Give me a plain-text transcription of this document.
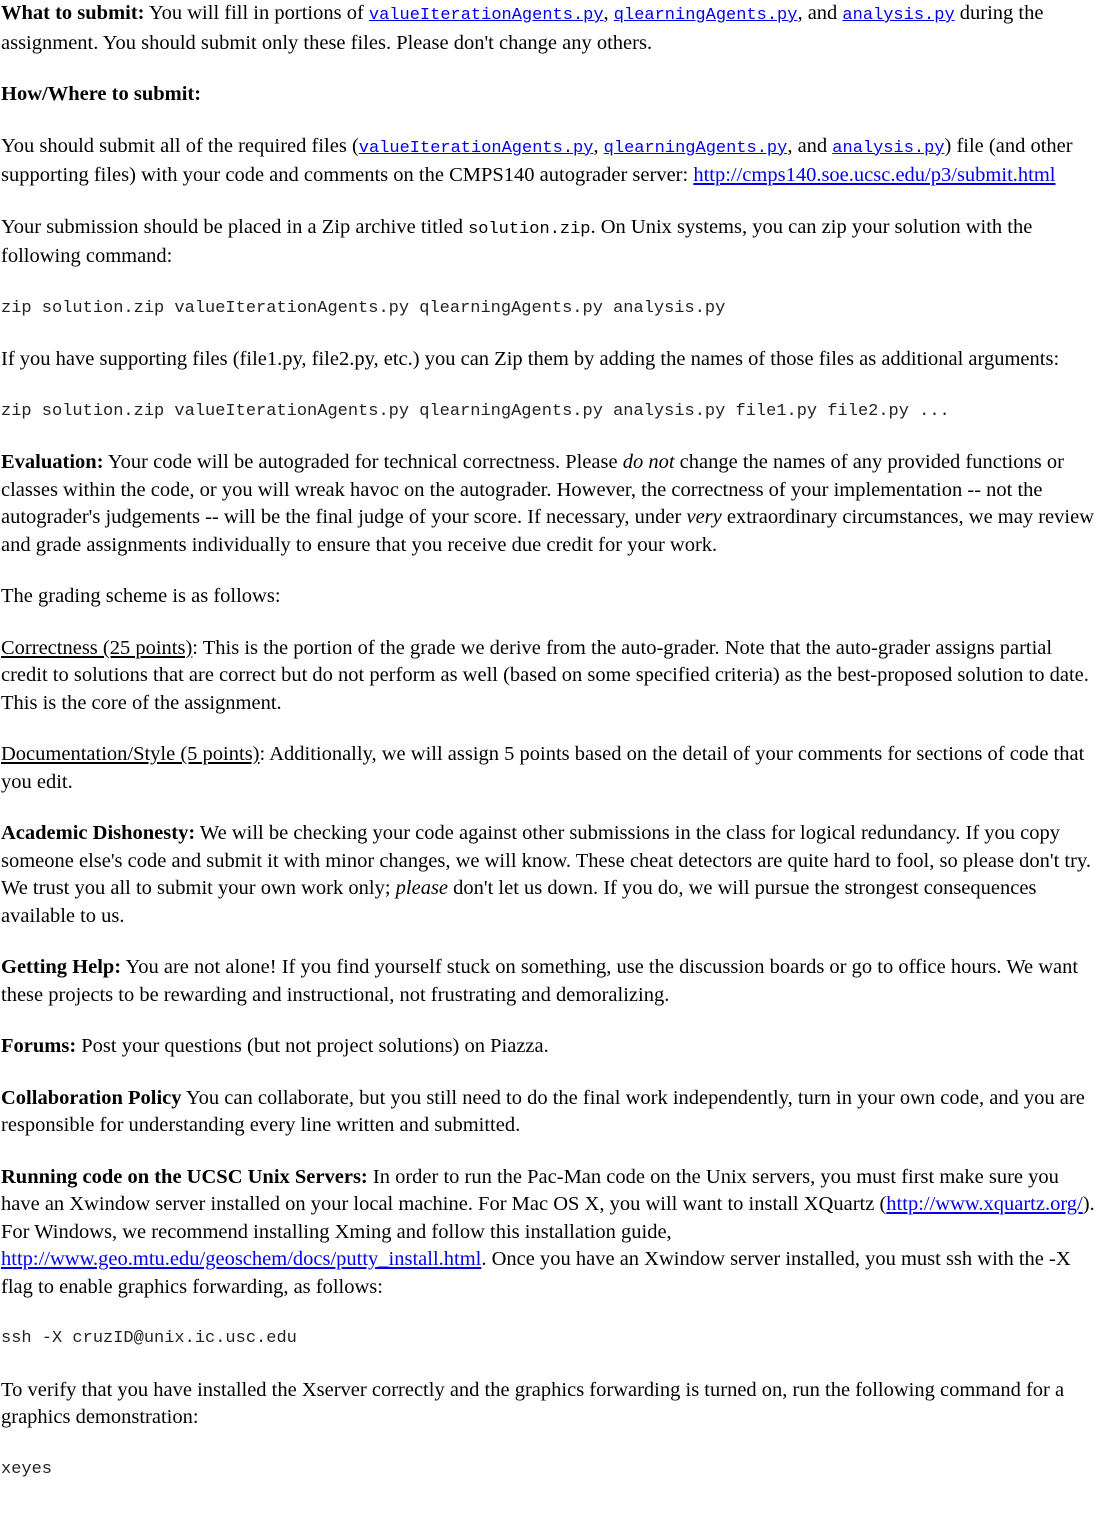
What to submit: You will fill in portions of valueIterationAgents.py, qlearningAgents.py, and analysis.py during the assignment. You should submit only these files. Please don't change any others.

How/Where to submit:

You should submit all of the required files (valueIterationAgents.py, qlearningAgents.py, and analysis.py) file (and other supporting files) with your code and comments on the CMPS140 autograder server: http://cmps140.soe.ucsc.edu/p3/submit.html

Your submission should be placed in a Zip archive titled solution.zip. On Unix systems, you can zip your solution with the following command:

zip solution.zip valueIterationAgents.py qlearningAgents.py analysis.py

If you have supporting files (file1.py, file2.py, etc.) you can Zip them by adding the names of those files as additional arguments:

zip solution.zip valueIterationAgents.py qlearningAgents.py analysis.py file1.py file2.py ...

Evaluation: Your code will be autograded for technical correctness. Please do not change the names of any provided functions or classes within the code, or you will wreak havoc on the autograder. However, the correctness of your implementation -- not the autograder's judgements -- will be the final judge of your score. If necessary, under very extraordinary circumstances, we may review and grade assignments individually to ensure that you receive due credit for your work.

The grading scheme is as follows:

Correctness (25 points): This is the portion of the grade we derive from the auto-grader. Note that the auto-grader assigns partial credit to solutions that are correct but do not perform as well (based on some specified criteria) as the best-proposed solution to date. This is the core of the assignment.

Documentation/Style (5 points): Additionally, we will assign 5 points based on the detail of your comments for sections of code that you edit.

Academic Dishonesty: We will be checking your code against other submissions in the class for logical redundancy. If you copy someone else's code and submit it with minor changes, we will know. These cheat detectors are quite hard to fool, so please don't try. We trust you all to submit your own work only; please don't let us down. If you do, we will pursue the strongest consequences available to us.

Getting Help: You are not alone! If you find yourself stuck on something, use the discussion boards or go to office hours. We want these projects to be rewarding and instructional, not frustrating and demoralizing.

Forums: Post your questions (but not project solutions) on Piazza.

Collaboration Policy You can collaborate, but you still need to do the final work independently, turn in your own code, and you are responsible for understanding every line written and submitted.

Running code on the UCSC Unix Servers: In order to run the Pac-Man code on the Unix servers, you must first make sure you have an Xwindow server installed on your local machine. For Mac OS X, you will want to install XQuartz (http://www.xquartz.org/). For Windows, we recommend installing Xming and follow this installation guide, http://www.geo.mtu.edu/geoschem/docs/putty_install.html. Once you have an Xwindow server installed, you must ssh with the -X flag to enable graphics forwarding, as follows:

ssh -X cruzID@unix.ic.usc.edu

To verify that you have installed the Xserver correctly and the graphics forwarding is turned on, run the following command for a graphics demonstration:

xeyes
